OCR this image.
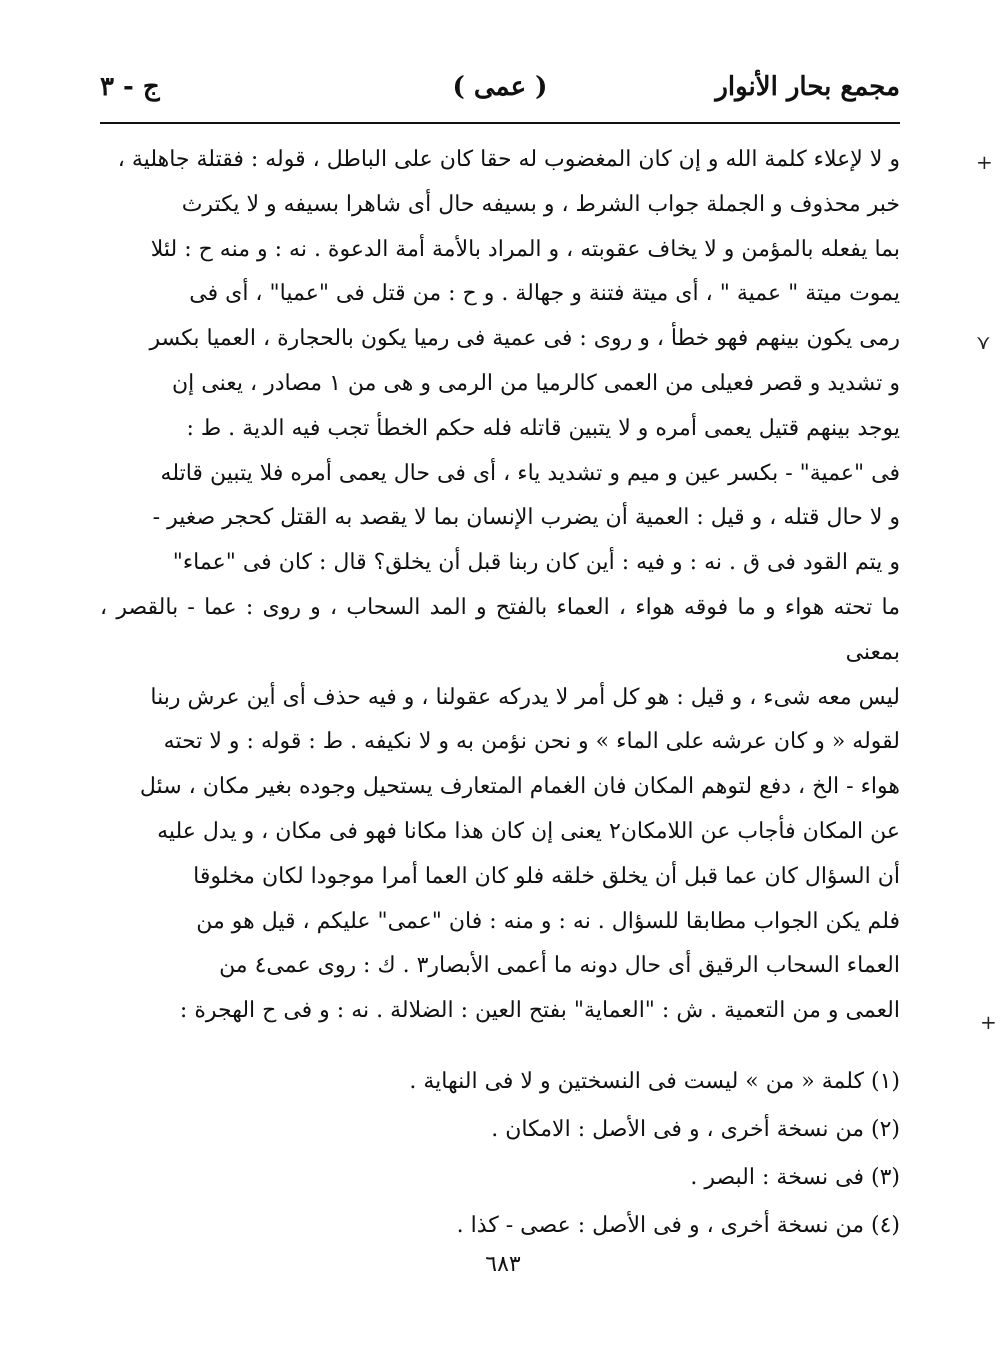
مجمع بحار الأنوار
( عمى )
ج - ٣

و لا لإعلاء كلمة الله و إن كان المغضوب له حقا كان على الباطل ، قوله : فقتلة جاهلية ،

خبر محذوف و الجملة جواب الشرط ، و بسيفه حال أى شاهرا بسيفه و لا يكترث

بما يفعله بالمؤمن و لا يخاف عقوبته ، و المراد بالأمة أمة الدعوة . نه : و منه ح : لئلا

يموت ميتة " عمية " ، أى ميتة فتنة و جهالة . و ح : من قتل فى "عميا" ، أى فى

رمى يكون بينهم فهو خطأ ، و روى : فى عمية فى رميا يكون بالحجارة ، العميا بكسر

و تشديد و قصر فعيلى من العمى كالرميا من الرمى و هى من ١ مصادر ، يعنى إن

يوجد بينهم قتيل يعمى أمره و لا يتبين قاتله فله حكم الخطأ تجب فيه الدية . ط :

فى "عمية" - بكسر عين و ميم و تشديد ياء ، أى فى حال يعمى أمره فلا يتبين قاتله

و لا حال قتله ، و قيل : العمية أن يضرب الإنسان بما لا يقصد به القتل كحجر صغير -

و يتم القود فى ق . نه : و فيه : أين كان ربنا قبل أن يخلق؟ قال : كان فى "عماء"

ما تحته هواء و ما فوقه هواء ، العماء بالفتح و المد السحاب ، و روى : عما - بالقصر ، بمعنى

ليس معه شىء ، و قيل : هو كل أمر لا يدركه عقولنا ، و فيه حذف أى أين عرش ربنا

لقوله « و كان عرشه على الماء » و نحن نؤمن به و لا نكيفه . ط : قوله : و لا تحته

هواء - الخ ، دفع لتوهم المكان فان الغمام المتعارف يستحيل وجوده بغير مكان ، سئل

عن المكان فأجاب عن اللامكان٢ يعنى إن كان هذا مكانا فهو فى مكان ، و يدل عليه

أن السؤال كان عما قبل أن يخلق خلقه فلو كان العما أمرا موجودا لكان مخلوقا

فلم يكن الجواب مطابقا للسؤال . نه : و منه : فان "عمى" عليكم ، قيل هو من

العماء السحاب الرقيق أى حال دونه ما أعمى الأبصار٣ . ك : روى عمى٤ من

العمى و من التعمية . ش : "العماية" بفتح العين : الضلالة . نه : و فى ح الهجرة :

(١) كلمة « من » ليست فى النسختين و لا فى النهاية .
(٢) من نسخة أخرى ، و فى الأصل : الامكان .
(٣) فى نسخة : البصر .
(٤) من نسخة أخرى ، و فى الأصل : عصى - كذا .
٦٨٣
+
⋎
+
